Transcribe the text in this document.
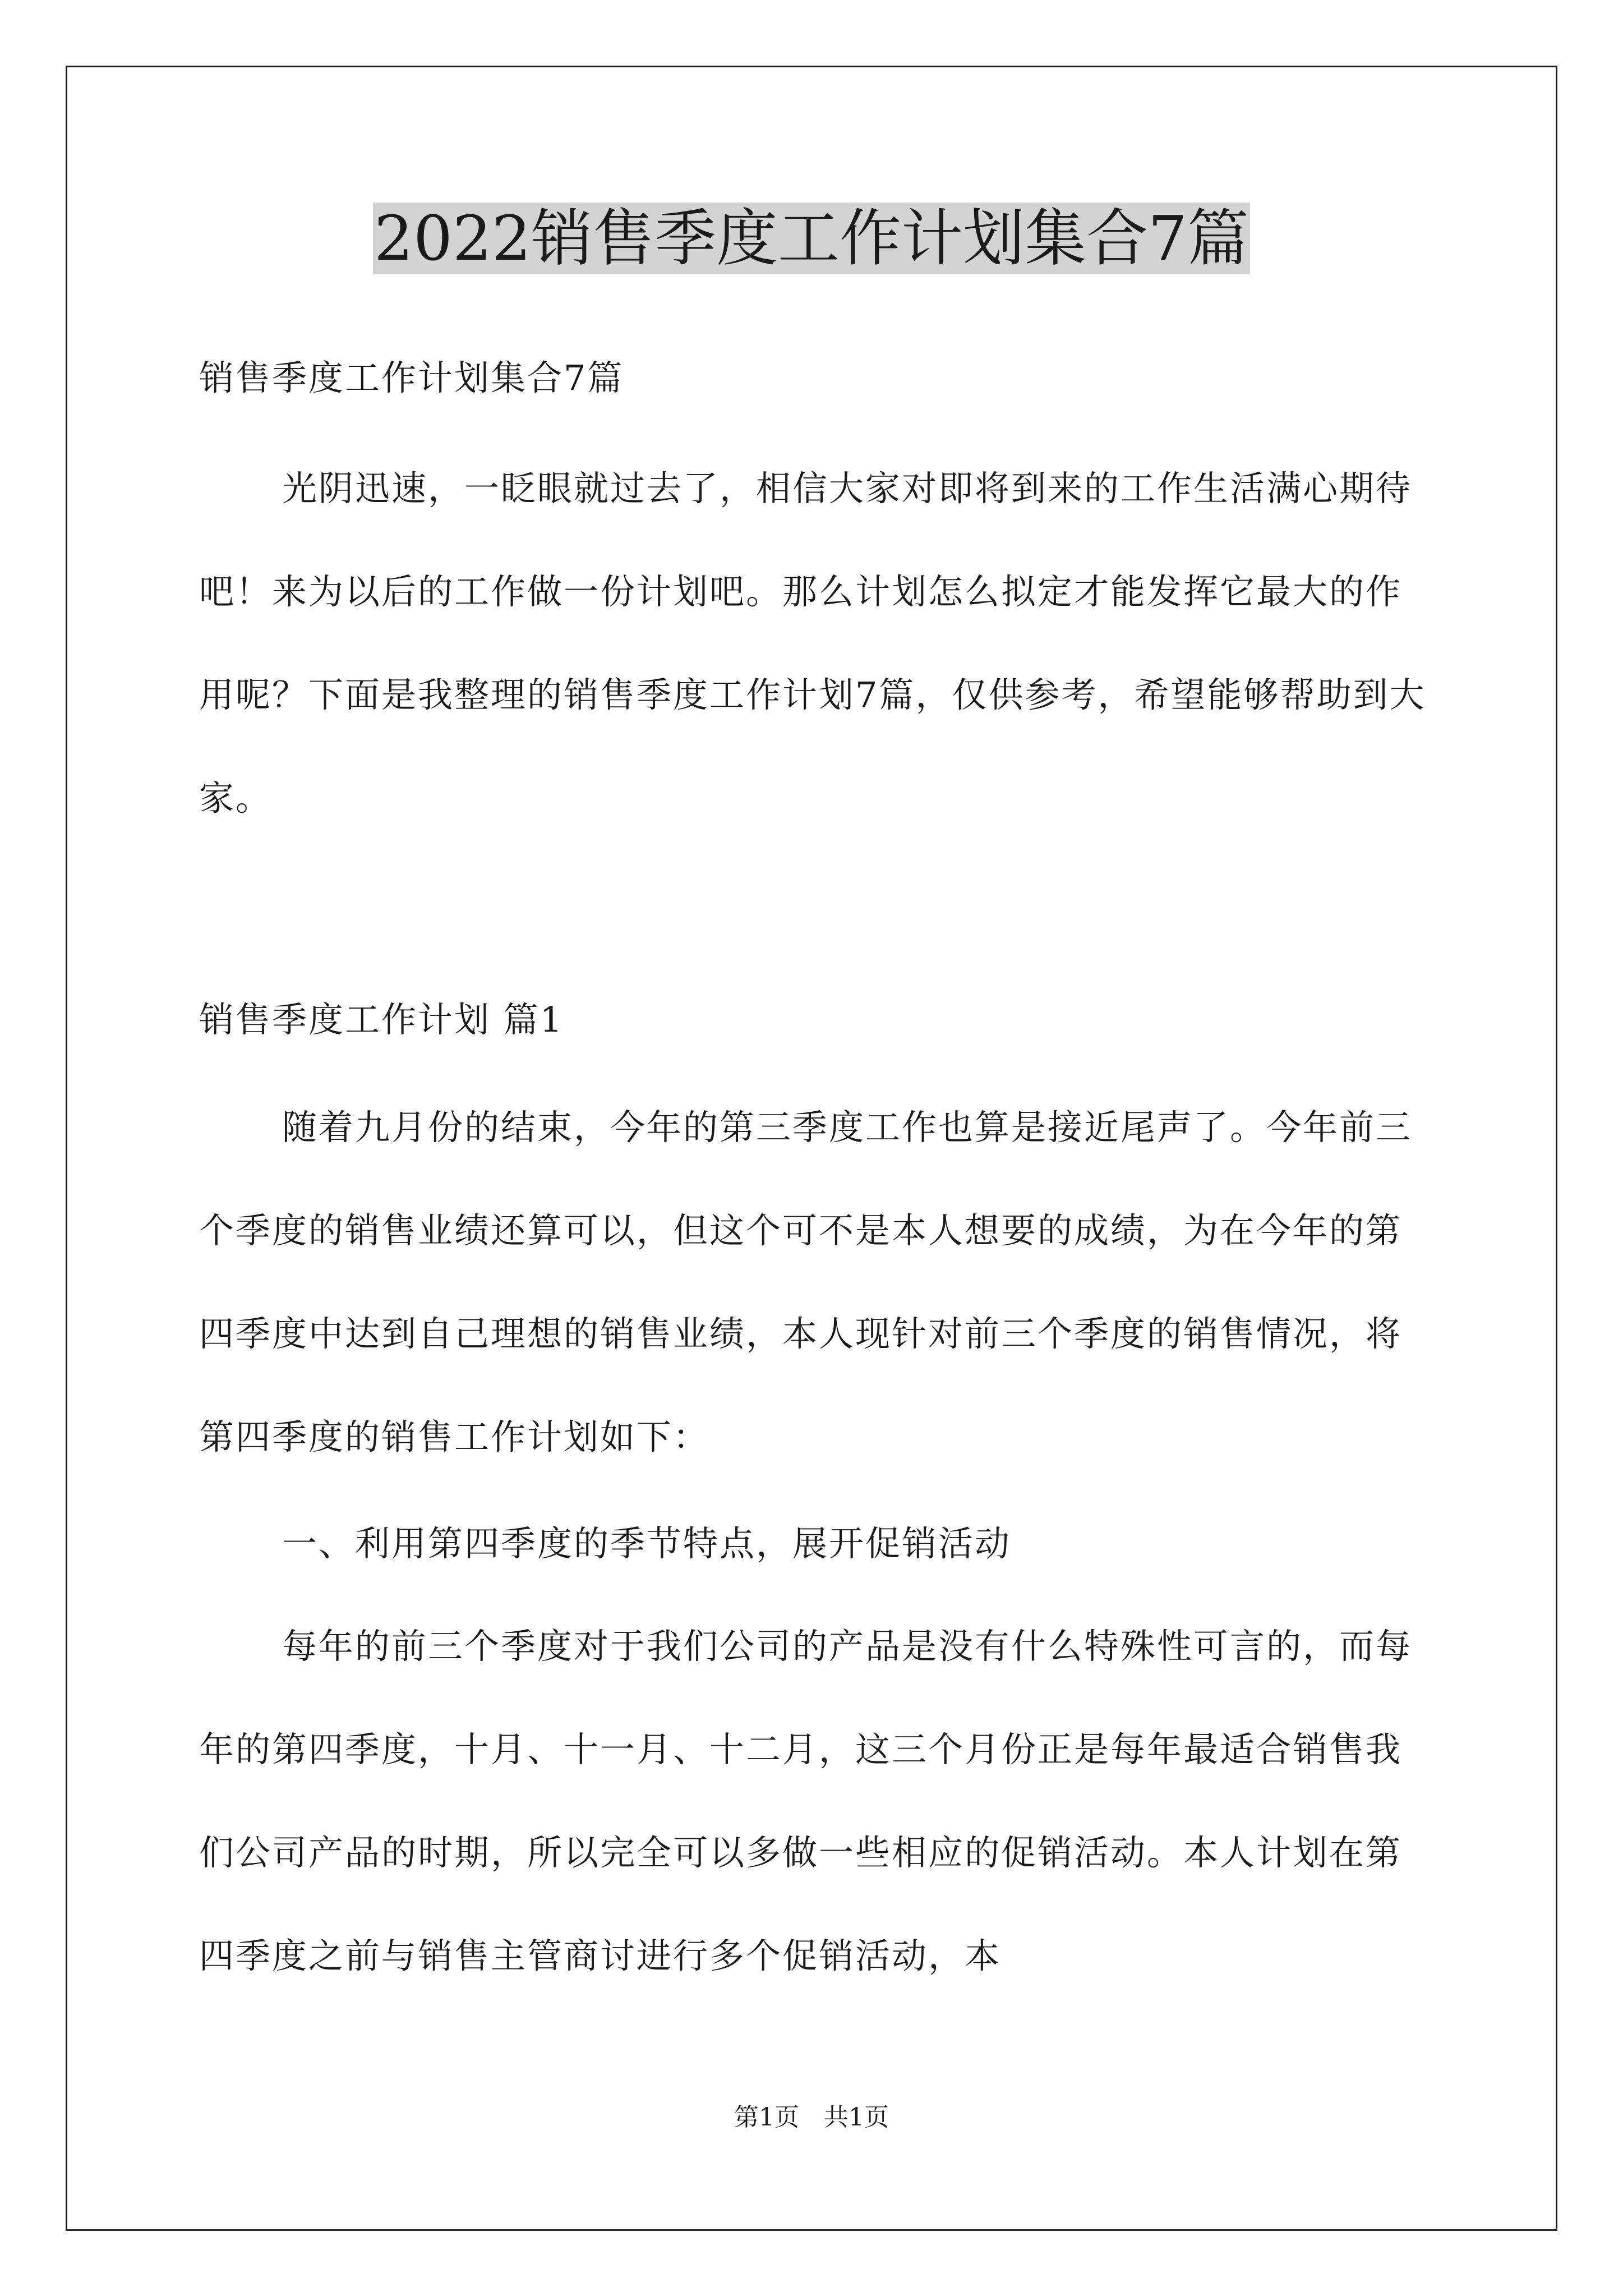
2022销售季度工作计划集合7篇

销售季度工作计划集合7篇

光阴迅速，一眨眼就过去了，相信大家对即将到来的工作生活满心期待吧！来为以后的工作做一份计划吧。那么计划怎么拟定才能发挥它最大的作用呢？下面是我整理的销售季度工作计划7篇，仅供参考，希望能够帮助到大家。

销售季度工作计划 篇1

随着九月份的结束，今年的第三季度工作也算是接近尾声了。今年前三个季度的销售业绩还算可以，但这个可不是本人想要的成绩，为在今年的第四季度中达到自己理想的销售业绩，本人现针对前三个季度的销售情况，将第四季度的销售工作计划如下：

一、利用第四季度的季节特点，展开促销活动

每年的前三个季度对于我们公司的产品是没有什么特殊性可言的，而每年的第四季度，十月、十一月、十二月，这三个月份正是每年最适合销售我们公司产品的时期，所以完全可以多做一些相应的促销活动。本人计划在第四季度之前与销售主管商讨进行多个促销活动，本

第1页　共1页
